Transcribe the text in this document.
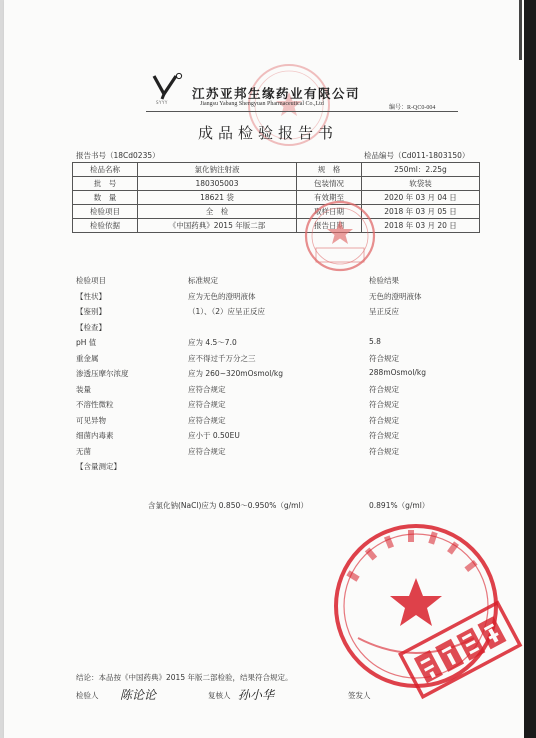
SYYY
江苏亚邦生缘药业有限公司
Jiangsu Yabang Shengyuan Pharmaceutical Co.,Ltd
编号：R-QC0-004
成品检验报告书
报告书号（18Cd0235）	检品编号（Cd011-1803150）
检品名称	氯化钠注射液	规　格	250ml：2.25g
批　号	180305003	包装情况	软袋装
数　量	18621 袋	有效期至	2020 年 03 月 04 日
检验项目	全　检	取样日期	2018 年 03 月 05 日
检验依据	《中国药典》2015 年版二部	报告日期	2018 年 03 月 20 日
检验项目	标准规定	检验结果
【性状】	应为无色的澄明液体	无色的澄明液体
【鉴别】	（1）、（2）应呈正反应	呈正反应
【检查】
pH 值	应为 4.5～7.0	5.8
重金属	应不得过千万分之三	符合规定
渗透压摩尔浓度	应为 260~320mOsmol/kg	288mOsmol/kg
装量	应符合规定	符合规定
不溶性微粒	应符合规定	符合规定
可见异物	应符合规定	符合规定
细菌内毒素	应小于 0.50EU	符合规定
无菌	应符合规定	符合规定
【含量测定】
含氯化钠(NaCl)应为 0.850～0.950%（g/ml）	0.891%（g/ml）
结论：本品按《中国药典》2015 年版二部检验，结果符合规定。
检验人 陈论论	复核人 孙小华	签发人
